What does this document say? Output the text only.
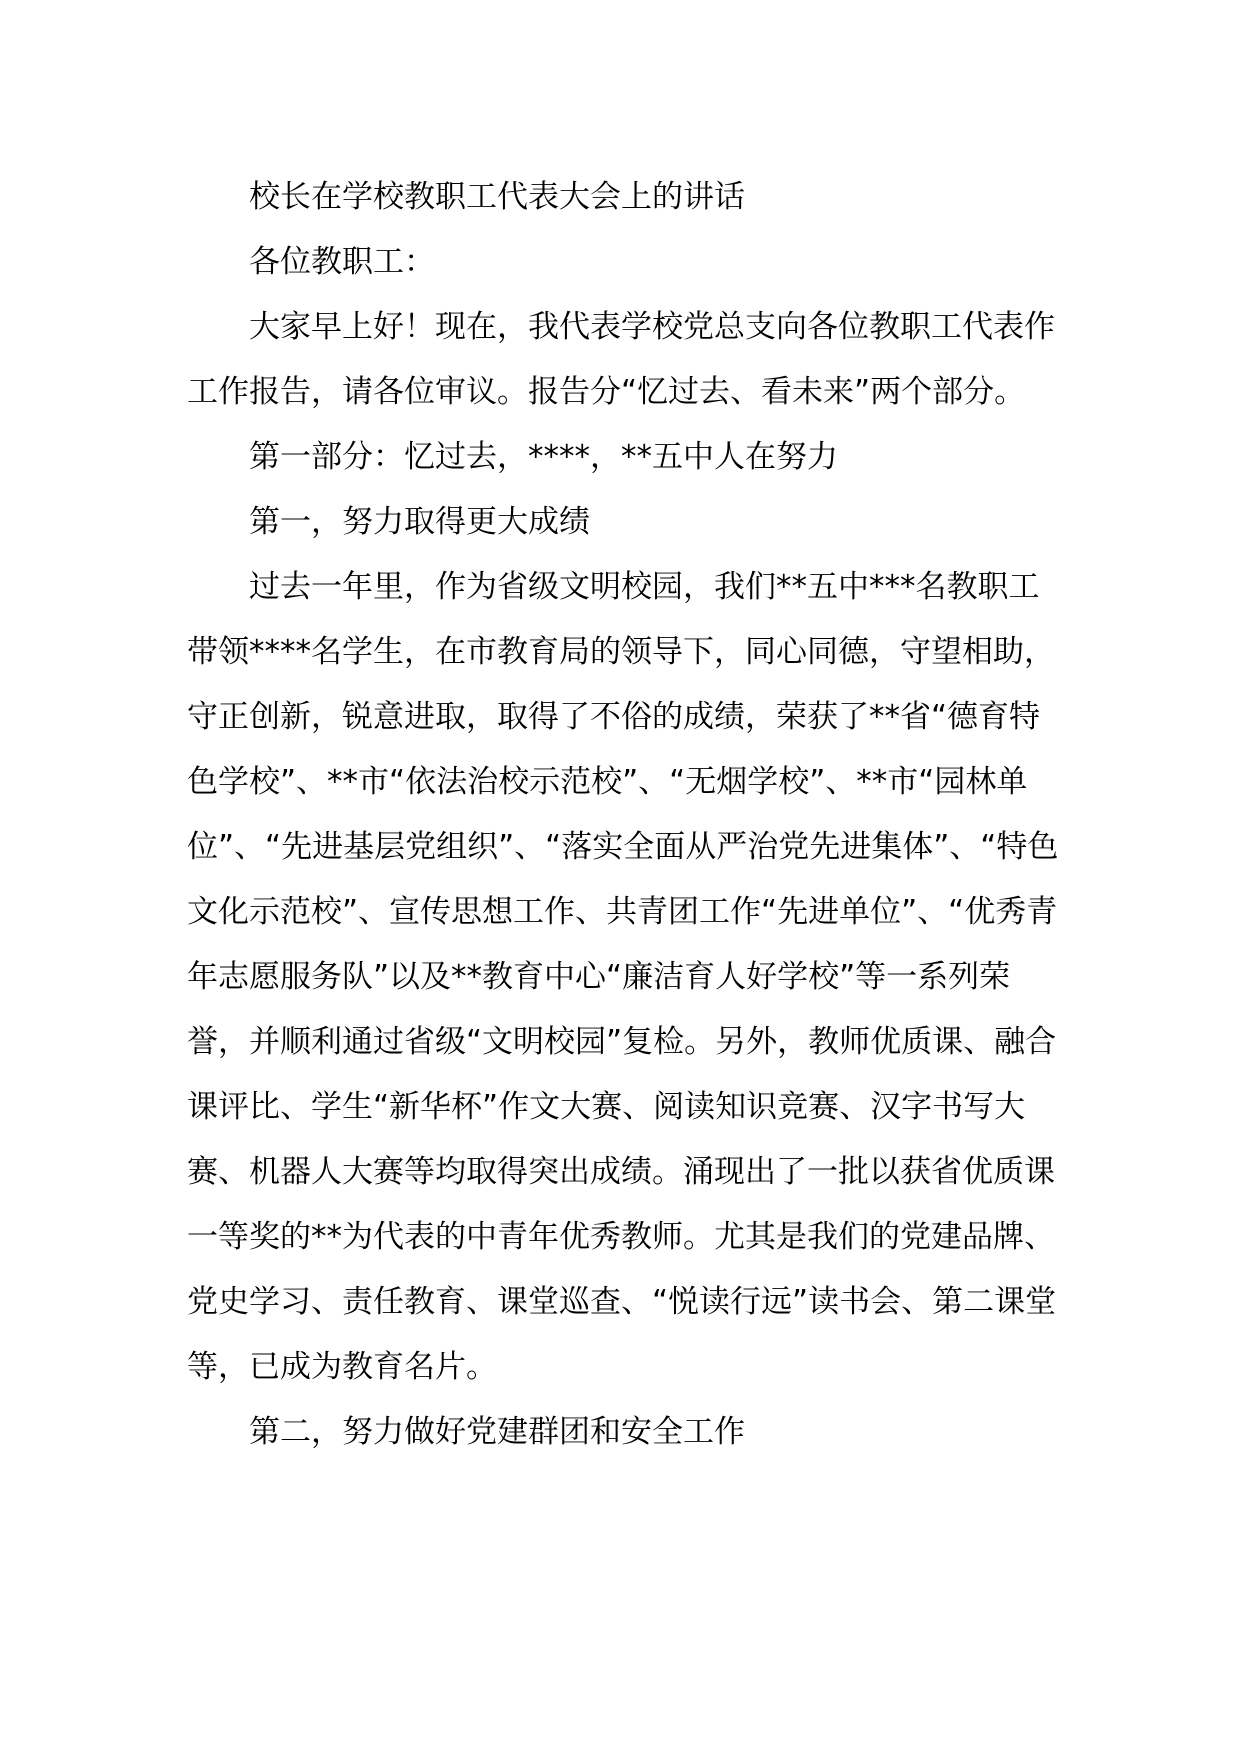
校长在学校教职工代表大会上的讲话

各位教职工：

大家早上好！现在，我代表学校党总支向各位教职工代表作工作报告，请各位审议。报告分“忆过去、看未来”两个部分。

第一部分：忆过去，****，**五中人在努力

第一，努力取得更大成绩

过去一年里，作为省级文明校园，我们**五中***名教职工带领****名学生，在市教育局的领导下，同心同德，守望相助，守正创新，锐意进取，取得了不俗的成绩，荣获了**省“德育特色学校”、**市“依法治校示范校”、“无烟学校”、**市“园林单位”、“先进基层党组织”、“落实全面从严治党先进集体”、“特色文化示范校”、宣传思想工作、共青团工作“先进单位”、“优秀青年志愿服务队”以及**教育中心“廉洁育人好学校”等一系列荣誉，并顺利通过省级“文明校园”复检。另外，教师优质课、融合课评比、学生“新华杯”作文大赛、阅读知识竞赛、汉字书写大赛、机器人大赛等均取得突出成绩。涌现出了一批以获省优质课一等奖的**为代表的中青年优秀教师。尤其是我们的党建品牌、党史学习、责任教育、课堂巡查、“悦读行远”读书会、第二课堂等，已成为教育名片。

第二，努力做好党建群团和安全工作
